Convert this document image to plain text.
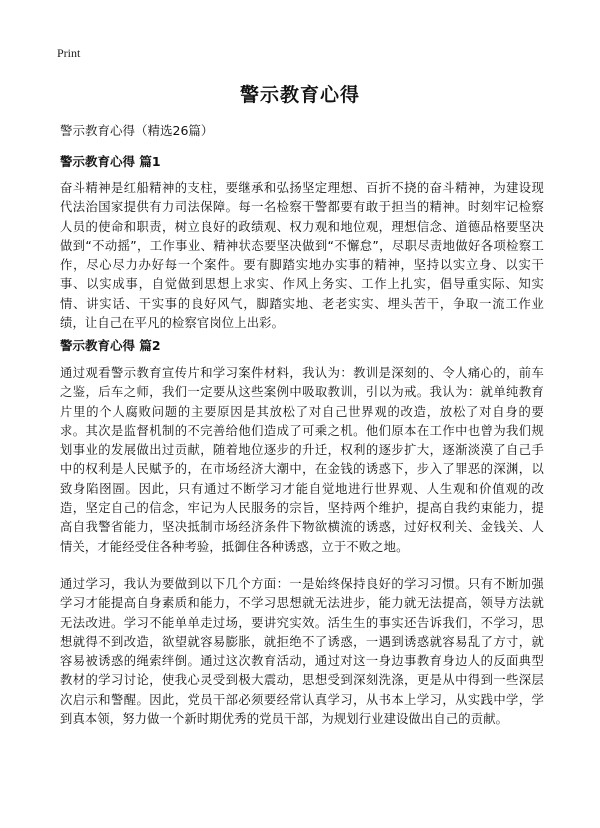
Print
警示教育心得
警示教育心得（精选26篇）
警示教育心得 篇1
奋斗精神是红船精神的支柱，要继承和弘扬坚定理想、百折不挠的奋斗精神，为建设现代法治国家提供有力司法保障。每一名检察干警都要有敢于担当的精神。时刻牢记检察人员的使命和职责，树立良好的政绩观、权力观和地位观，理想信念、道德品格要坚决做到“不动摇”，工作事业、精神状态要坚决做到“不懈怠”，尽职尽责地做好各项检察工作，尽心尽力办好每一个案件。要有脚踏实地办实事的精神，坚持以实立身、以实干事、以实成事，自觉做到思想上求实、作风上务实、工作上扎实，倡导重实际、知实情、讲实话、干实事的良好风气，脚踏实地、老老实实、埋头苦干，争取一流工作业绩，让自己在平凡的检察官岗位上出彩。
警示教育心得 篇2
通过观看警示教育宣传片和学习案件材料，我认为：教训是深刻的、令人痛心的，前车之鉴，后车之师，我们一定要从这些案例中吸取教训，引以为戒。我认为：就单纯教育片里的个人腐败问题的主要原因是其放松了对自己世界观的改造，放松了对自身的要求。其次是监督机制的不完善给他们造成了可乘之机。他们原本在工作中也曾为我们规划事业的发展做出过贡献，随着地位逐步的升迁，权利的逐步扩大，逐渐淡漠了自己手中的权利是人民赋予的，在市场经济大潮中，在金钱的诱惑下，步入了罪恶的深渊，以致身陷囹圄。因此，只有通过不断学习才能自觉地进行世界观、人生观和价值观的改造，坚定自己的信念，牢记为人民服务的宗旨，坚持两个维护，提高自我约束能力，提高自我警省能力，坚决抵制市场经济条件下物欲横流的诱惑，过好权利关、金钱关、人情关，才能经受住各种考验，抵御住各种诱惑，立于不败之地。
通过学习，我认为要做到以下几个方面：一是始终保持良好的学习习惯。只有不断加强学习才能提高自身素质和能力，不学习思想就无法进步，能力就无法提高，领导方法就无法改进。学习不能单单走过场，要讲究实效。活生生的事实还告诉我们，不学习，思想就得不到改造，欲望就容易膨胀，就拒绝不了诱惑，一遇到诱惑就容易乱了方寸，就容易被诱惑的绳索绊倒。通过这次教育活动，通过对这一身边事教育身边人的反面典型教材的学习讨论，使我心灵受到极大震动，思想受到深刻洗涤，更是从中得到一些深层次启示和警醒。因此，党员干部必须要经常认真学习，从书本上学习，从实践中学，学到真本领，努力做一个新时期优秀的党员干部，为规划行业建设做出自己的贡献。
